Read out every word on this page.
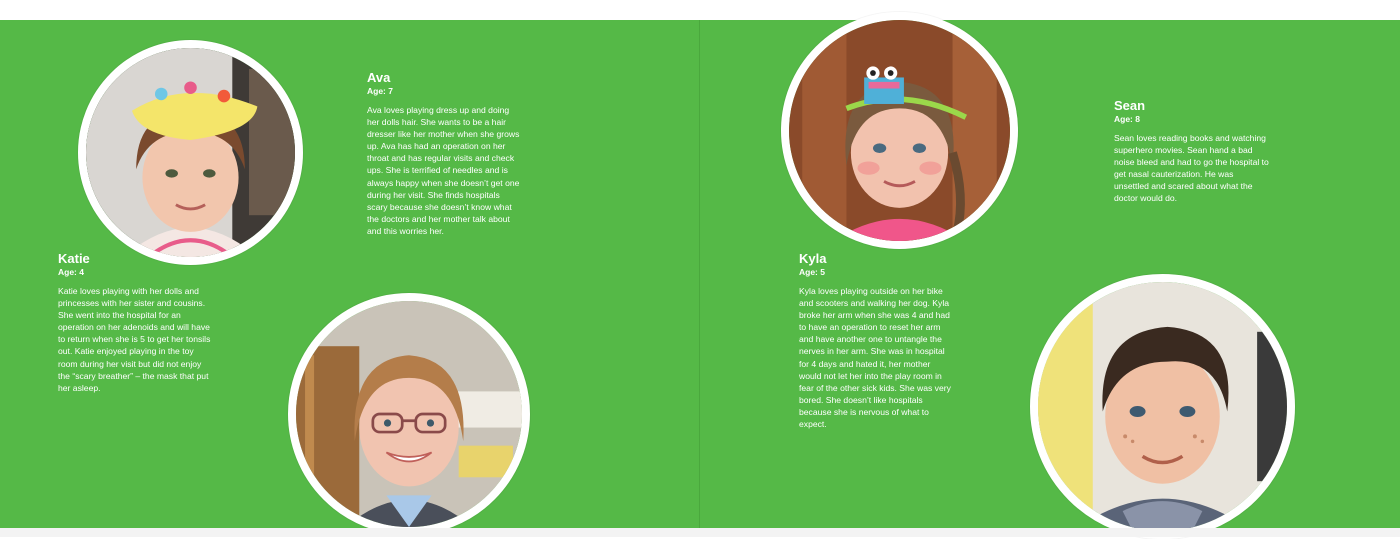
Ava

Age: 7

Ava loves playing dress up and doing her dolls hair. She wants to be a hair dresser like her mother when she grows up. Ava has had an operation on her throat and has regular visits and check ups. She is terrified of needles and is always happy when she doesn’t get one during her visit. She finds hospitals scary because she doesn’t know what the doctors and her mother talk about and this worries her.

Katie

Age: 4

Katie loves playing with her dolls and princesses with her sister and cousins. She went into the hospital for an operation on her adenoids and will have to return when she is 5 to get her tonsils out. Katie enjoyed playing in the toy room during her visit but did not enjoy the “scary breather” – the mask that put her asleep.

Sean

Age: 8

Sean loves reading books and watching superhero movies. Sean hand a bad noise bleed and had to go the hospital to get nasal cauterization. He was unsettled and scared about what the doctor would do.

Kyla

Age: 5

Kyla loves playing outside on her bike and scooters and walking her dog. Kyla broke her arm when she was 4 and had to have an operation to reset her arm and have another one to untangle the nerves in her arm. She was in hospital for 4 days and hated it, her mother would not let her into the play room in fear of the other sick kids. She was very bored. She doesn’t like hospitals because she is nervous of what to expect.
